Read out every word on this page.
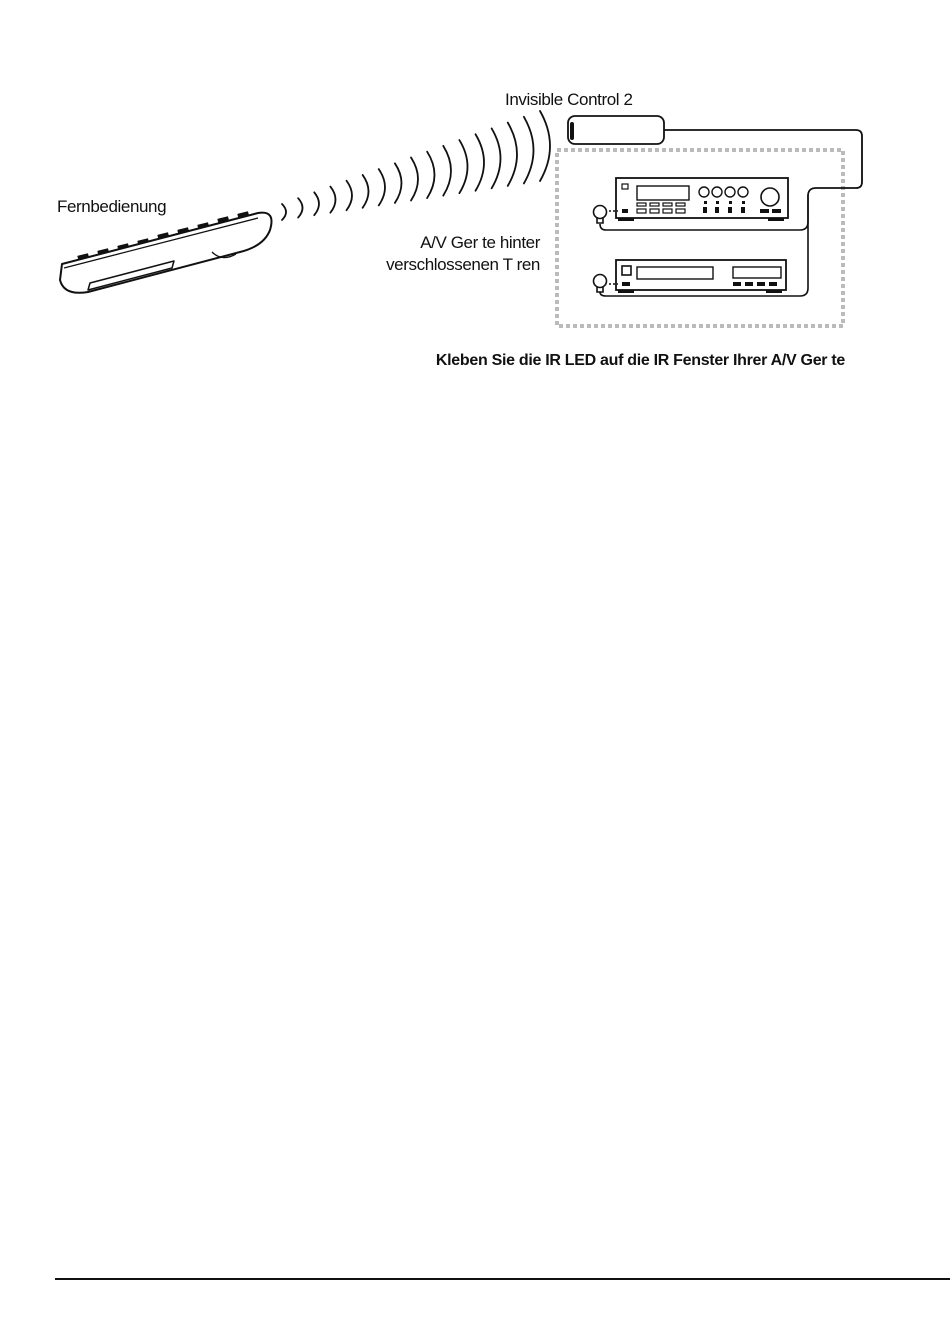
Invisible Control 2
Fernbedienung
A/V Ger te hinter
verschlossenen T ren
Kleben Sie die IR LED auf die IR Fenster Ihrer A/V Ger te
